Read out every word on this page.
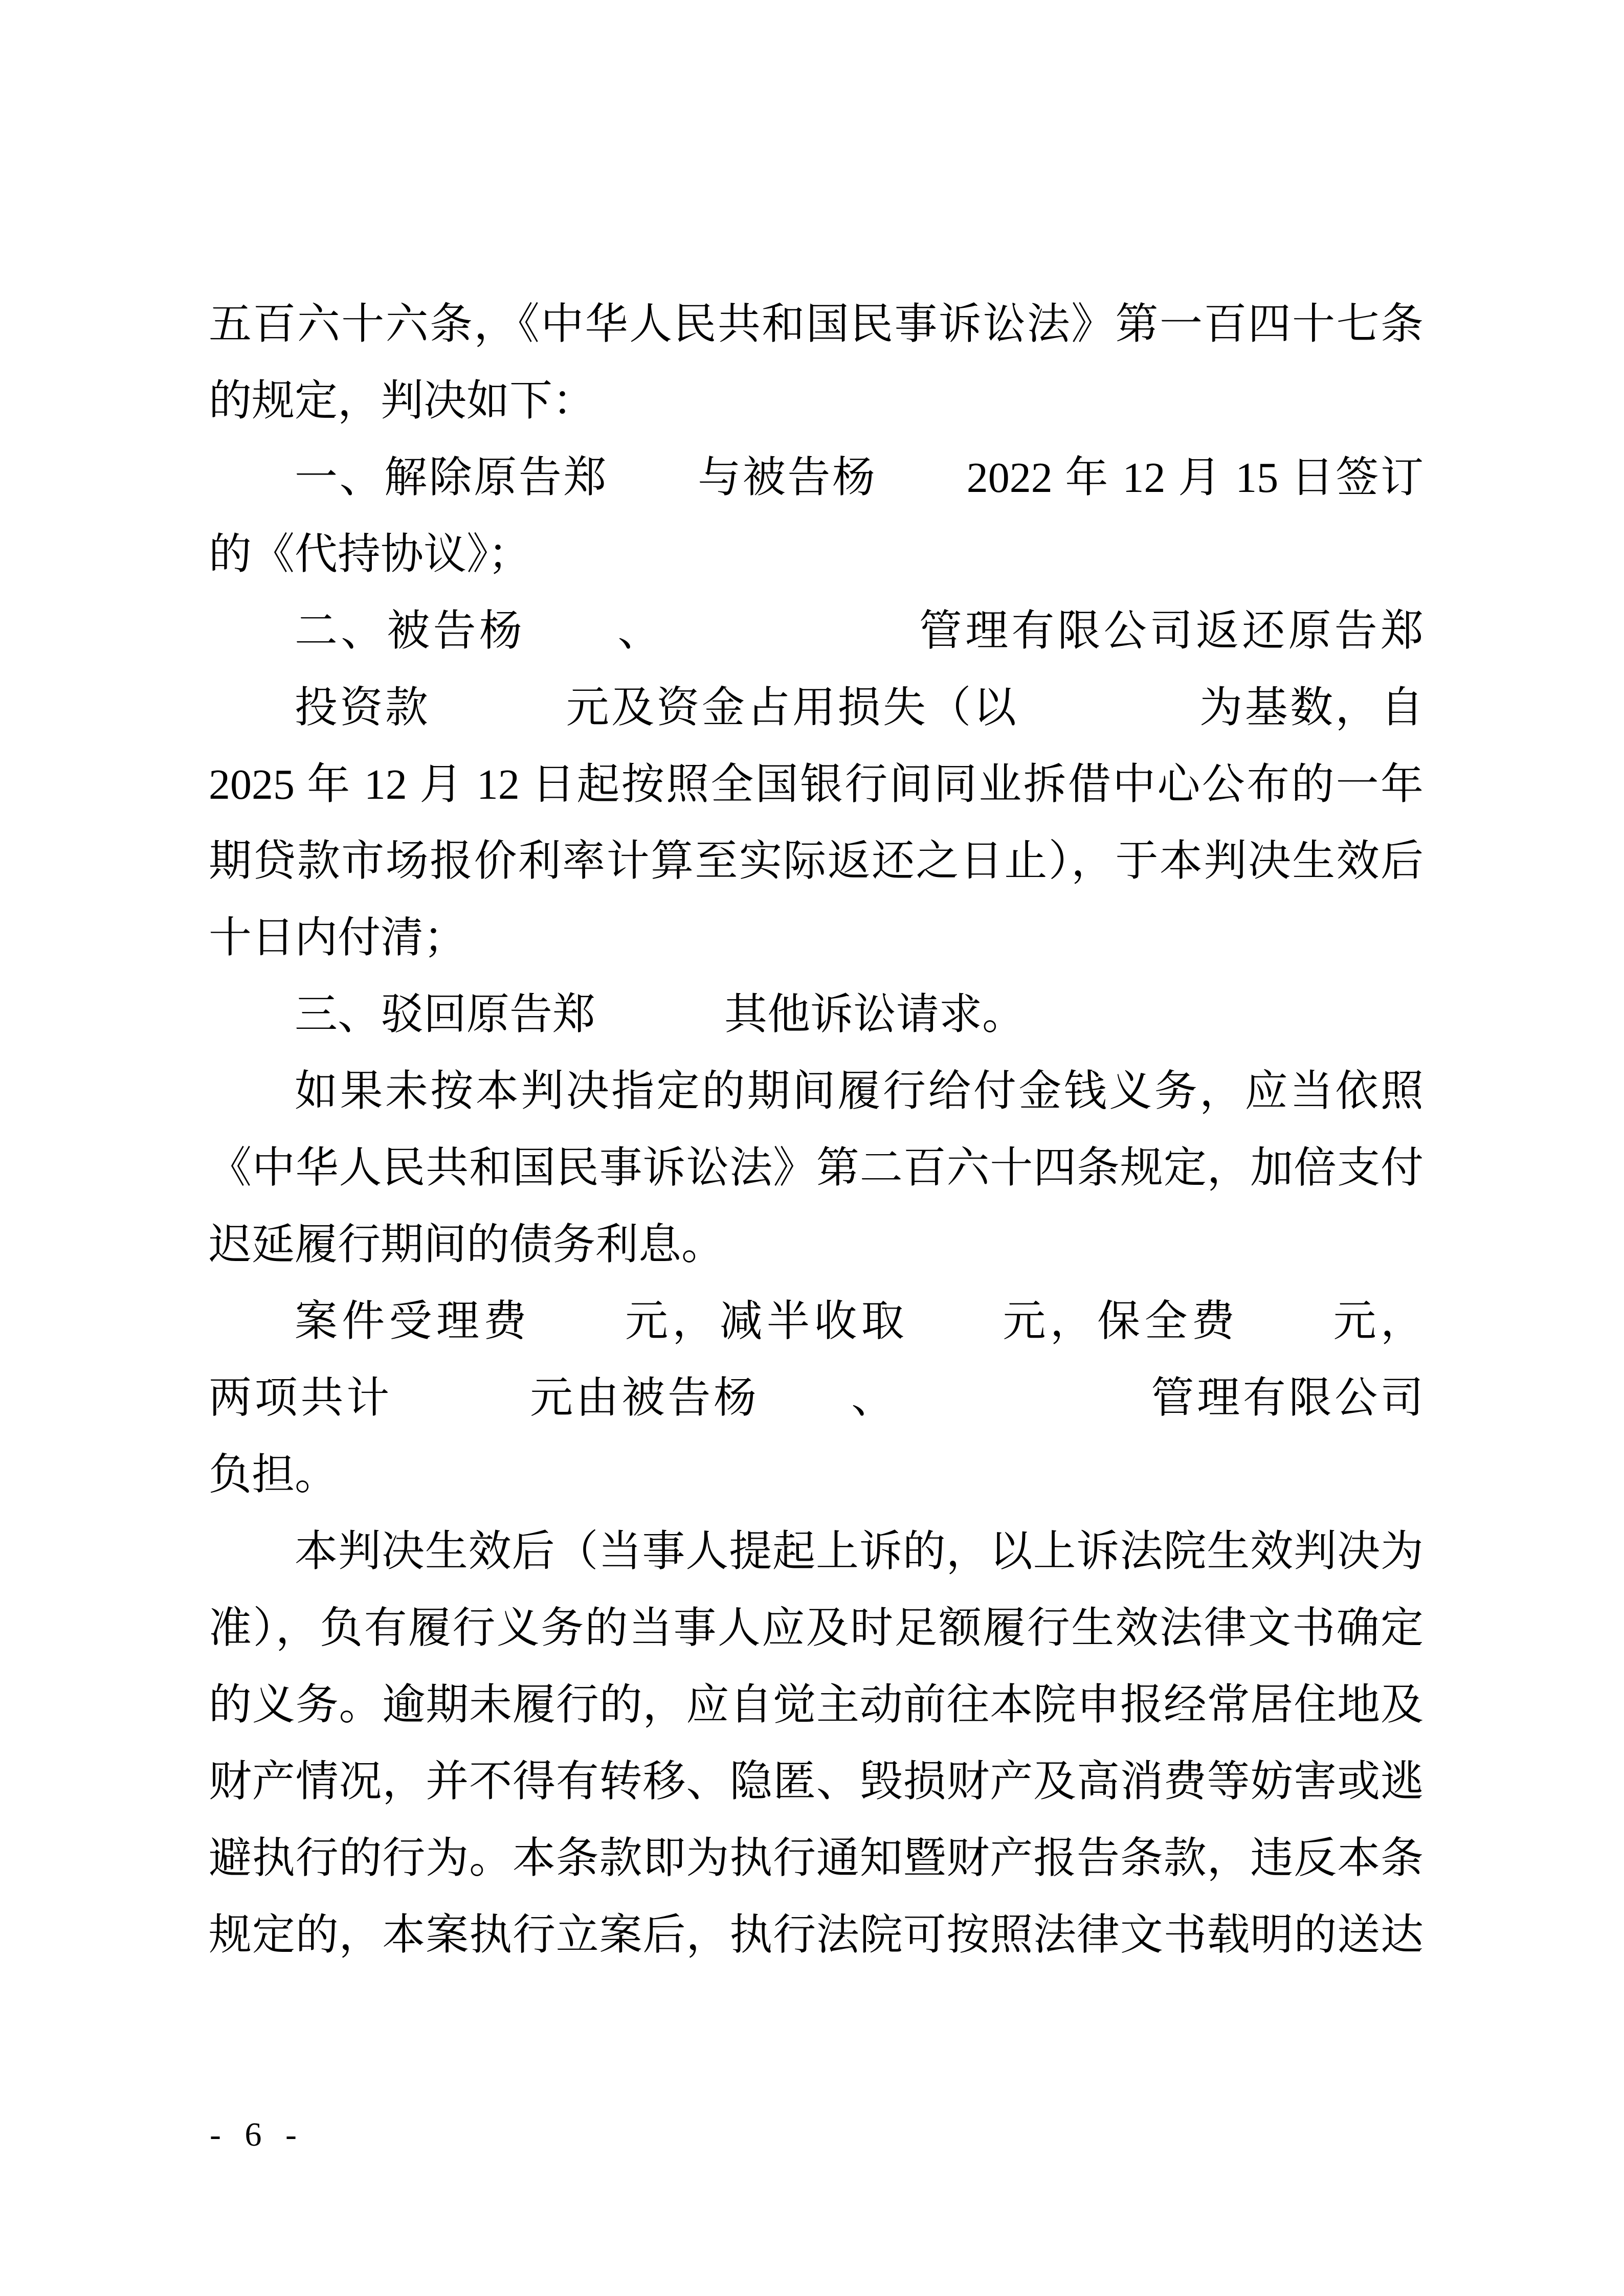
五百六十六条，《中华人民共和国民事诉讼法》第一百四十七条
的规定，判决如下：
一、解除原告郑　　与被告杨　　2022 年 12 月 15 日签订
的《代持协议》；
二、被告杨　　、　　　　　　管理有限公司返还原告郑
投资款　　　元及资金占用损失（以　　　　为基数，自
2025 年 12 月 12 日起按照全国银行间同业拆借中心公布的一年
期贷款市场报价利率计算至实际返还之日止），于本判决生效后
十日内付清；
三、驳回原告郑　　　其他诉讼请求。
如果未按本判决指定的期间履行给付金钱义务，应当依照
《中华人民共和国民事诉讼法》第二百六十四条规定，加倍支付
迟延履行期间的债务利息。
案件受理费　　元，减半收取　　元，保全费　　元，
两项共计　　　元由被告杨　　、　　　　　　管理有限公司
负担。
本判决生效后（当事人提起上诉的，以上诉法院生效判决为
准），负有履行义务的当事人应及时足额履行生效法律文书确定
的义务。逾期未履行的，应自觉主动前往本院申报经常居住地及
财产情况，并不得有转移、隐匿、毁损财产及高消费等妨害或逃
避执行的行为。本条款即为执行通知暨财产报告条款，违反本条
规定的，本案执行立案后，执行法院可按照法律文书载明的送达
- 6 -
